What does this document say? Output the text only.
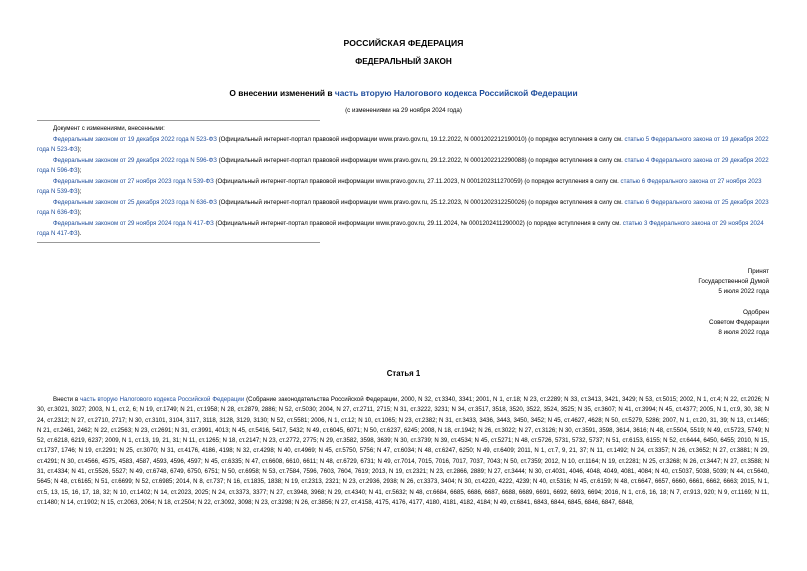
РОССИЙСКАЯ ФЕДЕРАЦИЯ
ФЕДЕРАЛЬНЫЙ ЗАКОН
О внесении изменений в часть вторую Налогового кодекса Российской Федерации
(с изменениями на 29 ноября 2024 года)
Документ с изменениями, внесенными:
Федеральным законом от 19 декабря 2022 года N 523-ФЗ (Официальный интернет-портал правовой информации www.pravo.gov.ru, 19.12.2022, N 0001202212190010) (о порядке вступления в силу см. статью 5 Федерального закона от 19 декабря 2022 года N 523-ФЗ);
Федеральным законом от 29 декабря 2022 года N 596-ФЗ (Официальный интернет-портал правовой информации www.pravo.gov.ru, 29.12.2022, N 0001202212290088) (о порядке вступления в силу см. статью 4 Федерального закона от 29 декабря 2022 года N 596-ФЗ);
Федеральным законом от 27 ноября 2023 года N 539-ФЗ (Официальный интернет-портал правовой информации www.pravo.gov.ru, 27.11.2023, N 0001202311270059) (о порядке вступления в силу см. статью 6 Федерального закона от 27 ноября 2023 года N 539-ФЗ);
Федеральным законом от 25 декабря 2023 года N 636-ФЗ (Официальный интернет-портал правовой информации www.pravo.gov.ru, 25.12.2023, N 0001202312250026) (о порядке вступления в силу см. статью 6 Федерального закона от 25 декабря 2023 года N 636-ФЗ);
Федеральным законом от 29 ноября 2024 года N 417-ФЗ (Официальный интернет-портал правовой информации www.pravo.gov.ru, 29.11.2024, № 0001202411290002) (о порядке вступления в силу см. статью 3 Федерального закона от 29 ноября 2024 года N 417-ФЗ).
Принят
Государственной Думой
5 июля 2022 года
Одобрен
Советом Федерации
8 июля 2022 года
Статья 1
Внести в часть вторую Налогового кодекса Российской Федерации (Собрание законодательства Российской Федерации, 2000, N 32, ст.3340, 3341; 2001, N 1, ст.18; N 23, ст.2289; N 33, ст.3413, 3421, 3429; N 53, ст.5015; 2002, N 1, ст.4; N 22, ст.2026; N 30, ст.3021, 3027; 2003, N 1, ст.2, 6; N 19, ст.1749; N 21, ст.1958; N 28, ст.2879, 2886; N 52, ст.5030; 2004, N 27, ст.2711, 2715; N 31, ст.3222, 3231; N 34, ст.3517, 3518, 3520, 3522, 3524, 3525; N 35, ст.3607; N 41, ст.3994; N 45, ст.4377; 2005, N 1, ст.9, 30, 38; N 24, ст.2312; N 27, ст.2710, 2717; N 30, ст.3101, 3104, 3117, 3118, 3128, 3129, 3130; N 52, ст.5581; 2006, N 1, ст.12; N 10, ст.1065; N 23, ст.2382; N 31, ст.3433, 3436, 3443, 3450, 3452; N 45, ст.4627, 4628; N 50, ст.5279, 5286; 2007, N 1, ст.20, 31, 39; N 13, ст.1465; N 21, ст.2461, 2462; N 22, ст.2563; N 23, ст.2691; N 31, ст.3991, 4013; N 45, ст.5416, 5417, 5432; N 49, ст.6045, 6071; N 50, ст.6237, 6245; 2008, N 18, ст.1942; N 26, ст.3022; N 27, ст.3126; N 30, ст.3591, 3598, 3614, 3616; N 48, ст.5504, 5519; N 49, ст.5723, 5749; N 52, ст.6218, 6219, 6237; 2009, N 1, ст.13, 19, 21, 31; N 11, ст.1265; N 18, ст.2147; N 23, ст.2772, 2775; N 29, ст.3582, 3598, 3639; N 30, ст.3739; N 39, ст.4534; N 45, ст.5271; N 48, ст.5726, 5731, 5732, 5737; N 51, ст.6153, 6155; N 52, ст.6444, 6450, 6455; 2010, N 15, ст.1737, 1746; N 19, ст.2291; N 25, ст.3070; N 31, ст.4176, 4186, 4198; N 32, ст.4298; N 40, ст.4969; N 45, ст.5750, 5756; N 47, ст.6034; N 48, ст.6247, 6250; N 49, ст.6409; 2011, N 1, ст.7, 9, 21, 37; N 11, ст.1492; N 24, ст.3357; N 26, ст.3652; N 27, ст.3881; N 29, ст.4291; N 30, ст.4566, 4575, 4583, 4587, 4593, 4596, 4597; N 45, ст.6335; N 47, ст.6608, 6610, 6611; N 48, ст.6729, 6731; N 49, ст.7014, 7015, 7016, 7017, 7037, 7043; N 50, ст.7359; 2012, N 10, ст.1164; N 19, ст.2281; N 25, ст.3268; N 26, ст.3447; N 27, ст.3588; N 31, ст.4334; N 41, ст.5526, 5527; N 49, ст.6748, 6749, 6750, 6751; N 50, ст.6958; N 53, ст.7584, 7596, 7603, 7604, 7619; 2013, N 19, ст.2321; N 23, ст.2866, 2889; N 27, ст.3444; N 30, ст.4031, 4046, 4048, 4049, 4081, 4084; N 40, ст.5037, 5038, 5039; N 44, ст.5640, 5645; N 48, ст.6165; N 51, ст.6699; N 52, ст.6985; 2014, N 8, ст.737; N 16, ст.1835, 1838; N 19, ст.2313, 2321; N 23, ст.2936, 2938; N 26, ст.3373, 3404; N 30, ст.4220, 4222, 4239; N 40, ст.5316; N 45, ст.6159; N 48, ст.6647, 6657, 6660, 6661, 6662, 6663; 2015, N 1, ст.5, 13, 15, 16, 17, 18, 32; N 10, ст.1402; N 14, ст.2023, 2025; N 24, ст.3373, 3377; N 27, ст.3948, 3968; N 29, ст.4340; N 41, ст.5632; N 48, ст.6684, 6685, 6686, 6687, 6688, 6689, 6691, 6692, 6693, 6694; 2016, N 1, ст.6, 16, 18; N 7, ст.913, 920; N 9, ст.1169; N 11, ст.1480; N 14, ст.1902; N 15, ст.2063, 2064; N 18, ст.2504; N 22, ст.3092, 3098; N 23, ст.3298; N 26, ст.3856; N 27, ст.4158, 4175, 4176, 4177, 4180, 4181, 4182, 4184; N 49, ст.6841, 6843, 6844, 6845, 6846, 6847, 6848,
